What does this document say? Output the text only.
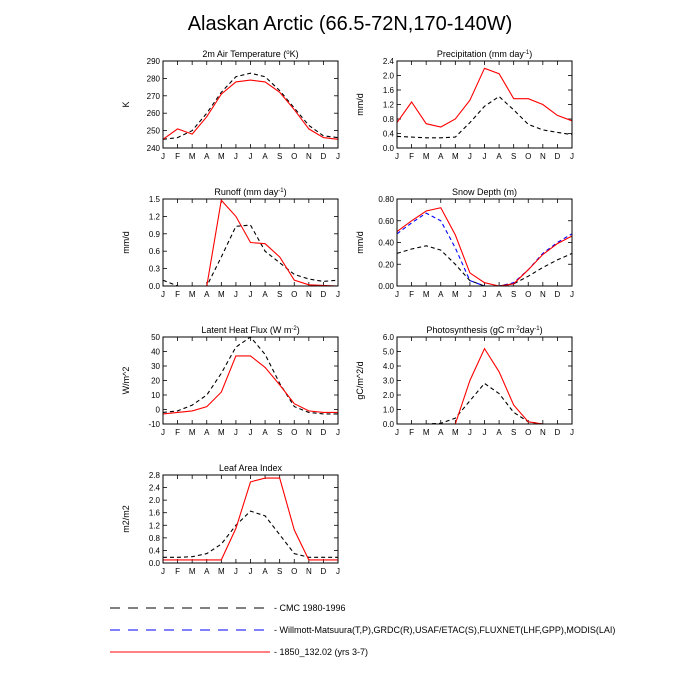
Alaskan Arctic (66.5-72N,170-140W)
2m Air Temperature ($^o$K)
K
240
250
260
270
280
290
J F M A M J J A S O N D J
Precipitation (mm day$^{-1}$)
mm/d
0.0
0.4
0.8
1.2
1.6
2.0
2.4
J F M A M J J A S O N D J
Runoff (mm day$^{-1}$)
mm/d
0.0
0.3
0.6
0.9
1.2
1.5
J F M A M J J A S O N D J
Snow Depth (m)
mm/d
0.00
0.20
0.40
0.60
0.80
J F M A M J J A S O N D J
Latent Heat Flux (W $m^{-2}$)
W/m^2
-10
0
10
20
30
40
50
J F M A M J J A S O N D J
Photosynthesis (gC $m^{-2}day^{-1}$)
gC/m^2/d
0.0
1.0
2.0
3.0
4.0
5.0
6.0
J F M A M J J A S O N D J
Leaf Area Index
m2/m2
0.0
0.4
0.8
1.2
1.6
2.0
2.4
2.8
J F M A M J J A S O N D J
- CMC 1980-1996
- Willmott-Matsuura(T,P),GRDC(R),USAF/ETAC(S),FLUXNET(LHF,GPP),MODIS(LAI)
- 1850_132.02 (yrs 3-7)
